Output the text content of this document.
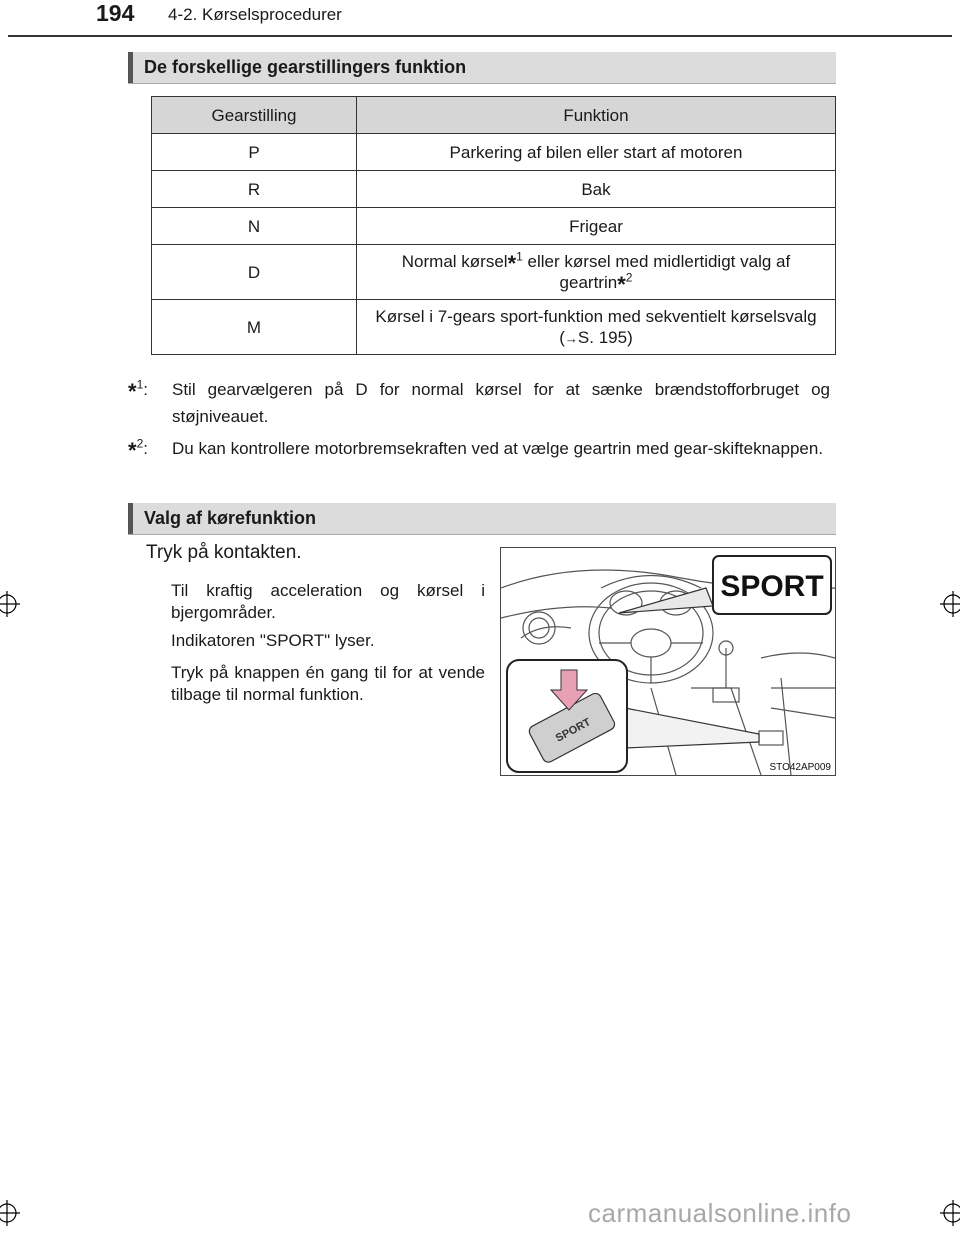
194 4-2. Kørselsprocedurer
De forskellige gearstillingers funktion
Gearstilling	Funktion
P	Parkering af bilen eller start af motoren
R	Bak
N	Frigear
D	Normal kørsel*$^1$ eller kørsel med midlertidigt valg af geartrin*$^2$
M	Kørsel i 7-gears sport-funktion med sekventielt kørselsvalg (→S. 195)
*$^1$: Stil gearvælgeren på D for normal kørsel for at sænke brændstofforbruget og støjniveauet.
*$^2$: Du kan kontrollere motorbremsekraften ved at vælge geartrin med gear-skifteknappen.
Valg af kørefunktion
Tryk på kontakten.
Til kraftig acceleration og kørsel i bjergområder.
Indikatoren "SPORT" lyser.
Tryk på knappen én gang til for at vende tilbage til normal funktion.
SPORT
SPORT
STO42AP009
carmanualsonline.info
